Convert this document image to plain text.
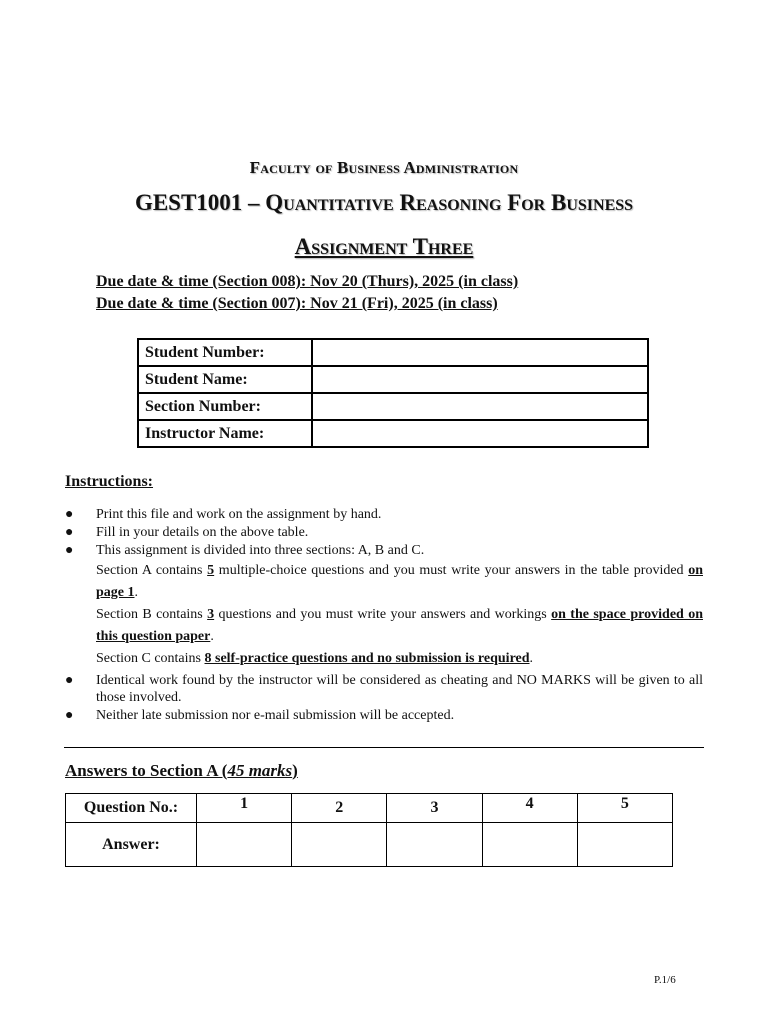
Faculty of Business Administration
GEST1001 – Quantitative Reasoning For Business
Assignment Three
Due date & time (Section 008): Nov 20 (Thurs), 2025 (in class)
Due date & time (Section 007): Nov 21 (Fri), 2025 (in class)
Student Number:	
Student Name:	
Section Number:	
Instructor Name:	
Instructions:
● Print this file and work on the assignment by hand.
● Fill in your details on the above table.
● This assignment is divided into three sections: A, B and C.
Section A contains 5 multiple-choice questions and you must write your answers in the table provided on page 1.
Section B contains 3 questions and you must write your answers and workings on the space provided on this question paper.
Section C contains 8 self-practice questions and no submission is required.
● Identical work found by the instructor will be considered as cheating and NO MARKS will be given to all those involved.
● Neither late submission nor e-mail submission will be accepted.
Answers to Section A (45 marks)
Question No.:	1	2	3	4	5
Answer:					
P.1/6
